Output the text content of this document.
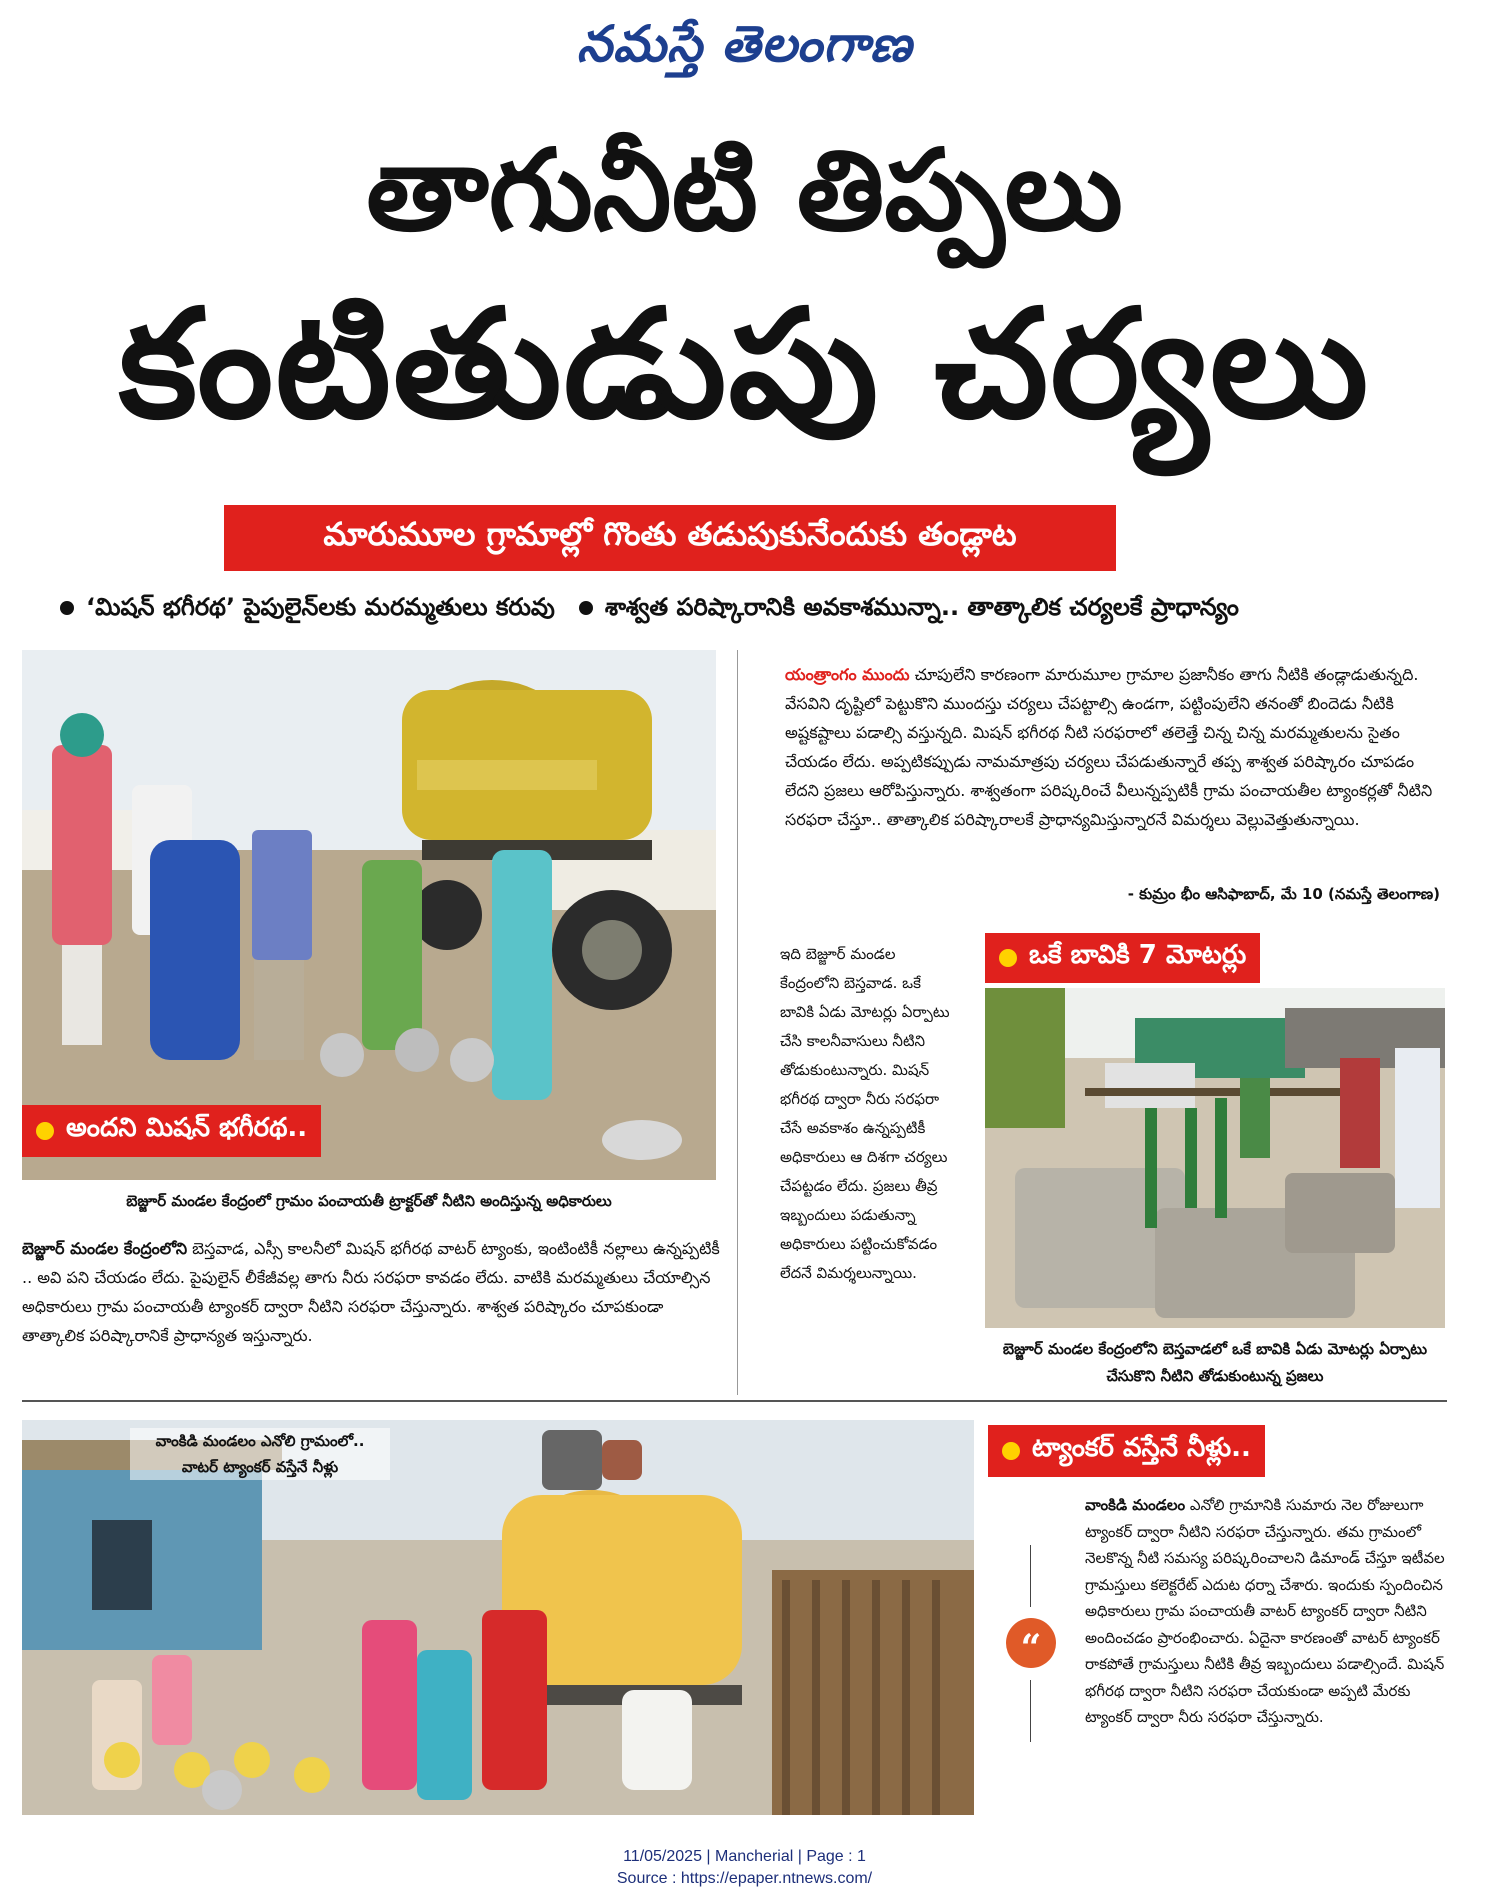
నమస్తే తెలంగాణ
తాగునీటి తిప్పలు
కంటితుడుపు చర్యలు
మారుమూల గ్రామాల్లో గొంతు తడుపుకునేందుకు తండ్లాట
‘మిషన్ భగీరథ’ పైపులైన్‌లకు మరమ్మతులు కరువు	శాశ్వత పరిష్కారానికి అవకాశమున్నా.. తాత్కాలిక చర్యలకే ప్రాధాన్యం
అందని మిషన్ భగీరథ..
బెజ్జూర్ మండల కేంద్రంలో గ్రామం పంచాయతీ ట్రాక్టర్‌తో నీటిని అందిస్తున్న అధికారులు
బెజ్జూర్ మండల కేంద్రంలోని బెస్తవాడ, ఎస్సీ కాలనీలో మిషన్ భగీరథ వాటర్ ట్యాంకు, ఇంటింటికీ నల్లాలు ఉన్నప్పటికీ .. అవి పని చేయడం లేదు. పైపులైన్ లీకేజీవల్ల తాగు నీరు సరఫరా కావడం లేదు. వాటికి మరమ్మతులు చేయాల్సిన అధికారులు గ్రామ పంచాయతీ ట్యాంకర్ ద్వారా నీటిని సరఫరా చేస్తున్నారు. శాశ్వత పరిష్కారం చూపకుండా తాత్కాలిక పరిష్కారానికే ప్రాధాన్యత ఇస్తున్నారు.
యంత్రాంగం ముందు చూపులేని కారణంగా మారుమూల గ్రామాల ప్రజానీకం తాగు నీటికి తండ్లాడుతున్నది. వేసవిని దృష్టిలో పెట్టుకొని ముందస్తు చర్యలు చేపట్టాల్సి ఉండగా, పట్టింపులేని తనంతో బిందెడు నీటికి అష్టకష్టాలు పడాల్సి వస్తున్నది. మిషన్ భగీరథ నీటి సరఫరాలో తలెత్తే చిన్న చిన్న మరమ్మతులను సైతం చేయడం లేదు. అప్పటికప్పుడు నామమాత్రపు చర్యలు చేపడుతున్నారే తప్ప శాశ్వత పరిష్కారం చూపడం లేదని ప్రజలు ఆరోపిస్తున్నారు. శాశ్వతంగా పరిష్కరించే వీలున్నప్పటికీ గ్రామ పంచాయతీల ట్యాంకర్లతో నీటిని సరఫరా చేస్తూ.. తాత్కాలిక పరిష్కారాలకే ప్రాధాన్యమిస్తున్నారనే విమర్శలు వెల్లువెత్తుతున్నాయి.
- కుమ్రం భీం ఆసిఫాబాద్, మే 10 (నమస్తే తెలంగాణ)
ఇది బెజ్జూర్ మండల కేంద్రంలోని బెస్తవాడ. ఒకే బావికి ఏడు మోటర్లు ఏర్పాటు చేసి కాలనీవాసులు నీటిని తోడుకుంటున్నారు. మిషన్ భగీరథ ద్వారా నీరు సరఫరా చేసే అవకాశం ఉన్నప్పటికీ అధికారులు ఆ దిశగా చర్యలు చేపట్టడం లేదు. ప్రజలు తీవ్ర ఇబ్బందులు పడుతున్నా అధికారులు పట్టించుకోవడం లేదనే విమర్శలున్నాయి.
ఒకే బావికి 7 మోటర్లు
బెజ్జూర్ మండల కేంద్రంలోని బెస్తవాడలో ఒకే బావికి ఏడు మోటర్లు ఏర్పాటు
చేసుకొని నీటిని తోడుకుంటున్న ప్రజలు
వాంకిడి మండలం ఎనోలి గ్రామంలో..
వాటర్ ట్యాంకర్ వస్తేనే నీళ్లు
ట్యాంకర్ వస్తేనే నీళ్లు..
“
వాంకిడి మండలం ఎనోలి గ్రామానికి సుమారు నెల రోజులుగా ట్యాంకర్ ద్వారా నీటిని సరఫరా చేస్తున్నారు. తమ గ్రామంలో నెలకొన్న నీటి సమస్య పరిష్కరించాలని డిమాండ్ చేస్తూ ఇటీవల గ్రామస్తులు కలెక్టరేట్ ఎదుట ధర్నా చేశారు. ఇందుకు స్పందించిన అధికారులు గ్రామ పంచాయతీ వాటర్ ట్యాంకర్ ద్వారా నీటిని అందించడం ప్రారంభించారు. ఏదైనా కారణంతో వాటర్ ట్యాంకర్ రాకపోతే గ్రామస్తులు నీటికి తీవ్ర ఇబ్బందులు పడాల్సిందే. మిషన్ భగీరథ ద్వారా నీటిని సరఫరా చేయకుండా అప్పటి మేరకు ట్యాంకర్ ద్వారా నీరు సరఫరా చేస్తున్నారు.
11/05/2025 | Mancherial | Page : 1
Source : https://epaper.ntnews.com/
